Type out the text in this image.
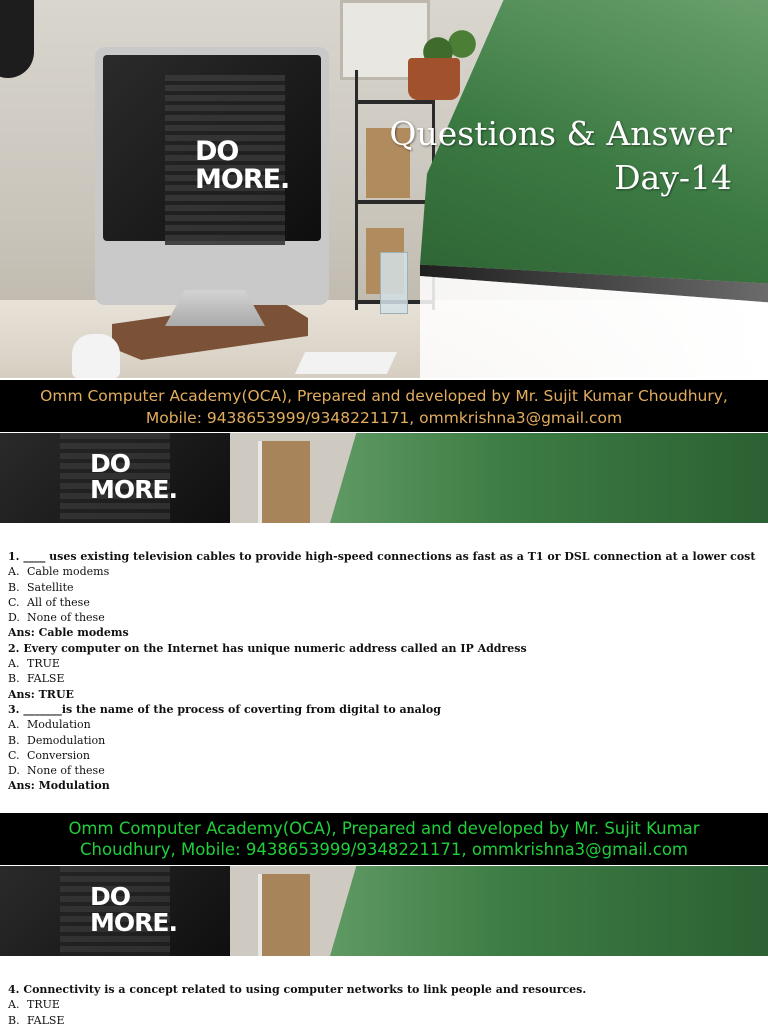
DO
MORE.
Questions & Answer
Day-14
Omm Computer Academy(OCA), Prepared and developed by Mr. Sujit Kumar Choudhury,
Mobile: 9438653999/9348221171, ommkrishna3@gmail.com
DO
MORE.
1. ____ uses existing television cables to provide high-speed connections as fast as a T1 or DSL connection at a lower cost
A. Cable modems
B. Satellite
C. All of these
D. None of these
Ans: Cable modems
2. Every computer on the Internet has unique numeric address called an IP Address
A. TRUE
B. FALSE
Ans: TRUE
3. _______is the name of the process of coverting from digital to analog
A. Modulation
B. Demodulation
C. Conversion
D. None of these
Ans: Modulation
Omm Computer Academy(OCA), Prepared and developed by Mr. Sujit Kumar
Choudhury, Mobile: 9438653999/9348221171, ommkrishna3@gmail.com
DO
MORE.
4. Connectivity is a concept related to using computer networks to link people and resources.
A. TRUE
B. FALSE
